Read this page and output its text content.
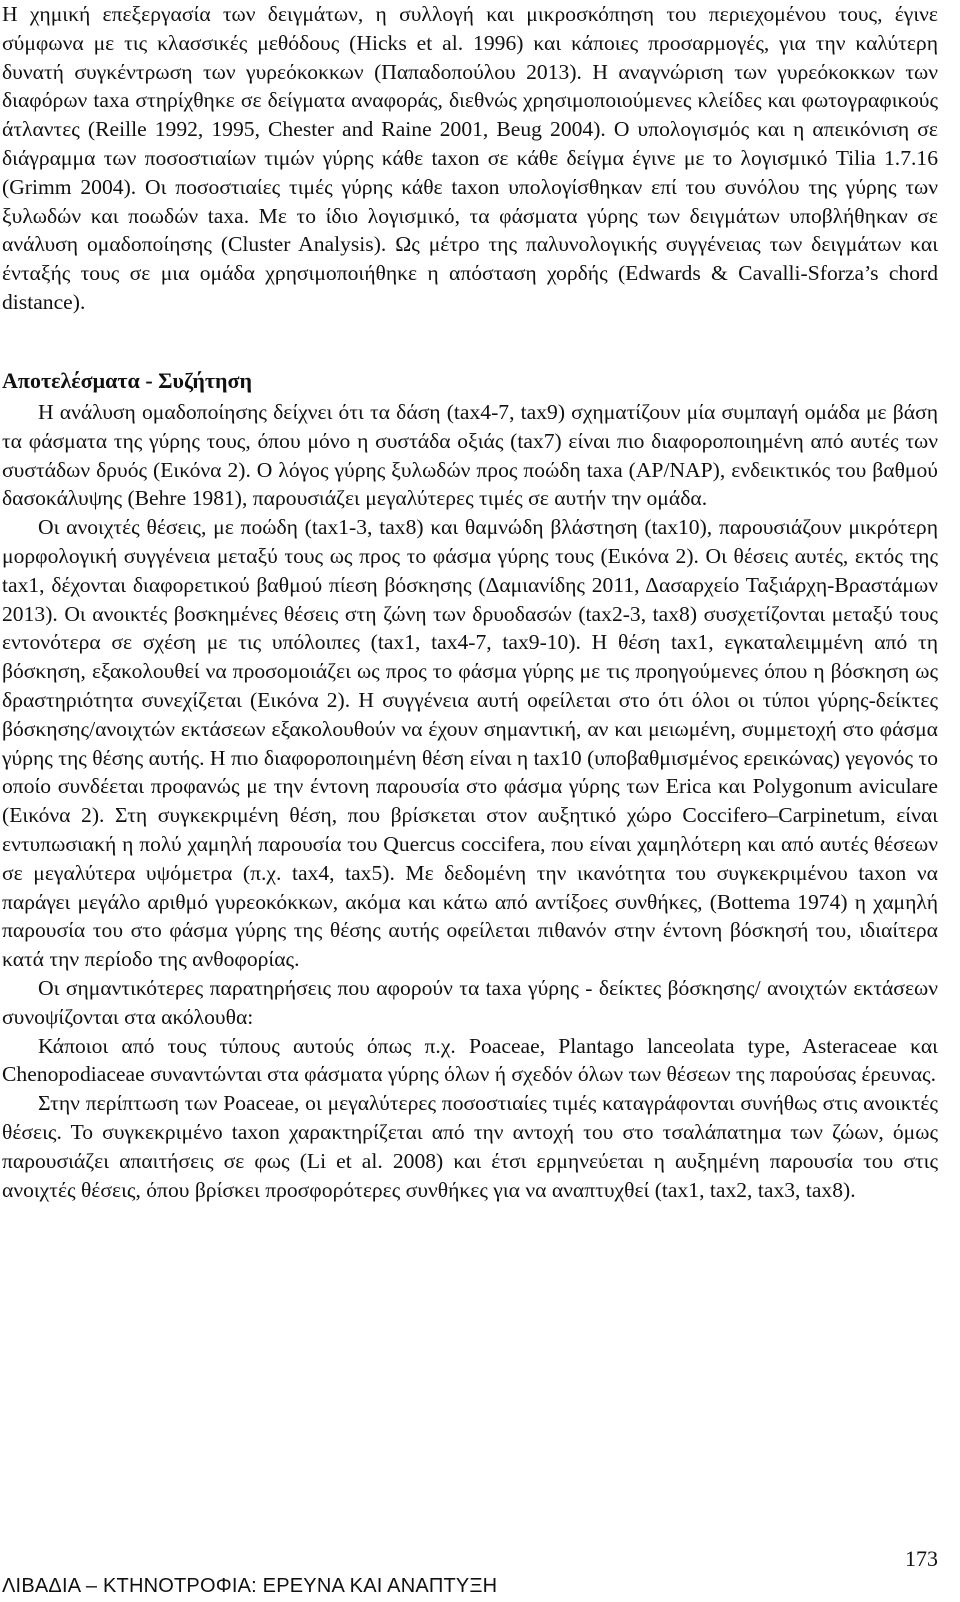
Η χημική επεξεργασία των δειγμάτων, η συλλογή και μικροσκόπηση του περιεχομένου τους, έγινε σύμφωνα με τις κλασσικές μεθόδους (Hicks et al. 1996) και κάποιες προσαρμογές, για την καλύτερη δυνατή συγκέντρωση των γυρεόκοκκων (Παπαδοπούλου 2013). Η αναγνώριση των γυρεόκοκκων των διαφόρων taxa στηρίχθηκε σε δείγματα αναφοράς, διεθνώς χρησιμοποιούμενες κλείδες και φωτογραφικούς άτλαντες (Reille 1992, 1995, Chester and Raine 2001, Beug 2004). Ο υπολογισμός και η απεικόνιση σε διάγραμμα των ποσοστιαίων τιμών γύρης κάθε taxon σε κάθε δείγμα έγινε με το λογισμικό Tilia 1.7.16 (Grimm 2004). Οι ποσοστιαίες τιμές γύρης κάθε taxon υπολογίσθηκαν επί του συνόλου της γύρης των ξυλωδών και ποωδών taxa. Με το ίδιο λογισμικό, τα φάσματα γύρης των δειγμάτων υποβλήθηκαν σε ανάλυση ομαδοποίησης (Cluster Analysis). Ως μέτρο της παλυνολογικής συγγένειας των δειγμάτων και ένταξής τους σε μια ομάδα χρησιμοποιήθηκε η απόσταση χορδής (Edwards & Cavalli-Sforza’s chord distance).

Αποτελέσματα - Συζήτηση

Η ανάλυση ομαδοποίησης δείχνει ότι τα δάση (tax4-7, tax9) σχηματίζουν μία συμπαγή ομάδα με βάση τα φάσματα της γύρης τους, όπου μόνο η συστάδα οξιάς (tax7) είναι πιο διαφοροποιημένη από αυτές των συστάδων δρυός (Εικόνα 2). Ο λόγος γύρης ξυλωδών προς ποώδη taxa (AP/NAP), ενδεικτικός του βαθμού δασοκάλυψης (Behre 1981), παρουσιάζει μεγαλύτερες τιμές σε αυτήν την ομάδα.

Οι ανοιχτές θέσεις, με ποώδη (tax1-3, tax8) και θαμνώδη βλάστηση (tax10), παρουσιάζουν μικρότερη μορφολογική συγγένεια μεταξύ τους ως προς το φάσμα γύρης τους (Εικόνα 2). Οι θέσεις αυτές, εκτός της tax1, δέχονται διαφορετικού βαθμού πίεση βόσκησης (Δαμιανίδης 2011, Δασαρχείο Ταξιάρχη-Βραστάμων 2013). Οι ανοικτές βοσκημένες θέσεις στη ζώνη των δρυοδασών (tax2-3, tax8) συσχετίζονται μεταξύ τους εντονότερα σε σχέση με τις υπόλοιπες (tax1, tax4-7, tax9-10). Η θέση tax1, εγκαταλειμμένη από τη βόσκηση, εξακολουθεί να προσομοιάζει ως προς το φάσμα γύρης με τις προηγούμενες όπου η βόσκηση ως δραστηριότητα συνεχίζεται (Εικόνα 2). Η συγγένεια αυτή οφείλεται στο ότι όλοι οι τύποι γύρης-δείκτες βόσκησης/ανοιχτών εκτάσεων εξακολουθούν να έχουν σημαντική, αν και μειωμένη, συμμετοχή στο φάσμα γύρης της θέσης αυτής. Η πιο διαφοροποιημένη θέση είναι η tax10 (υποβαθμισμένος ερεικώνας) γεγονός το οποίο συνδέεται προφανώς με την έντονη παρουσία στο φάσμα γύρης των Erica και Polygonum aviculare (Εικόνα 2). Στη συγκεκριμένη θέση, που βρίσκεται στον αυξητικό χώρο Coccifero–Carpinetum, είναι εντυπωσιακή η πολύ χαμηλή παρουσία του Quercus coccifera, που είναι χαμηλότερη και από αυτές θέσεων σε μεγαλύτερα υψόμετρα (π.χ. tax4, tax5). Με δεδομένη την ικανότητα του συγκεκριμένου taxon να παράγει μεγάλο αριθμό γυρεοκόκκων, ακόμα και κάτω από αντίξοες συνθήκες, (Bottema 1974) η χαμηλή παρουσία του στο φάσμα γύρης της θέσης αυτής οφείλεται πιθανόν στην έντονη βόσκησή του, ιδιαίτερα κατά την περίοδο της ανθοφορίας.

Οι σημαντικότερες παρατηρήσεις που αφορούν τα taxa γύρης - δείκτες βόσκησης/ ανοιχτών εκτάσεων συνοψίζονται στα ακόλουθα:

Κάποιοι από τους τύπους αυτούς όπως π.χ. Poaceae, Plantago lanceolata type, Asteraceae και Chenopodiaceae συναντώνται στα φάσματα γύρης όλων ή σχεδόν όλων των θέσεων της παρούσας έρευνας.

Στην περίπτωση των Poaceae, οι μεγαλύτερες ποσοστιαίες τιμές καταγράφονται συνήθως στις ανοικτές θέσεις. Το συγκεκριμένο taxon χαρακτηρίζεται από την αντοχή του στο τσαλάπατημα των ζώων, όμως παρουσιάζει απαιτήσεις σε φως (Li et al. 2008) και έτσι ερμηνεύεται η αυξημένη παρουσία του στις ανοιχτές θέσεις, όπου βρίσκει προσφορότερες συνθήκες για να αναπτυχθεί (tax1, tax2, tax3, tax8).

173
ΛΙΒΑΔΙΑ – ΚΤΗΝΟΤΡΟΦΙΑ: ΕΡΕΥΝΑ ΚΑΙ ΑΝΑΠΤΥΞΗ
